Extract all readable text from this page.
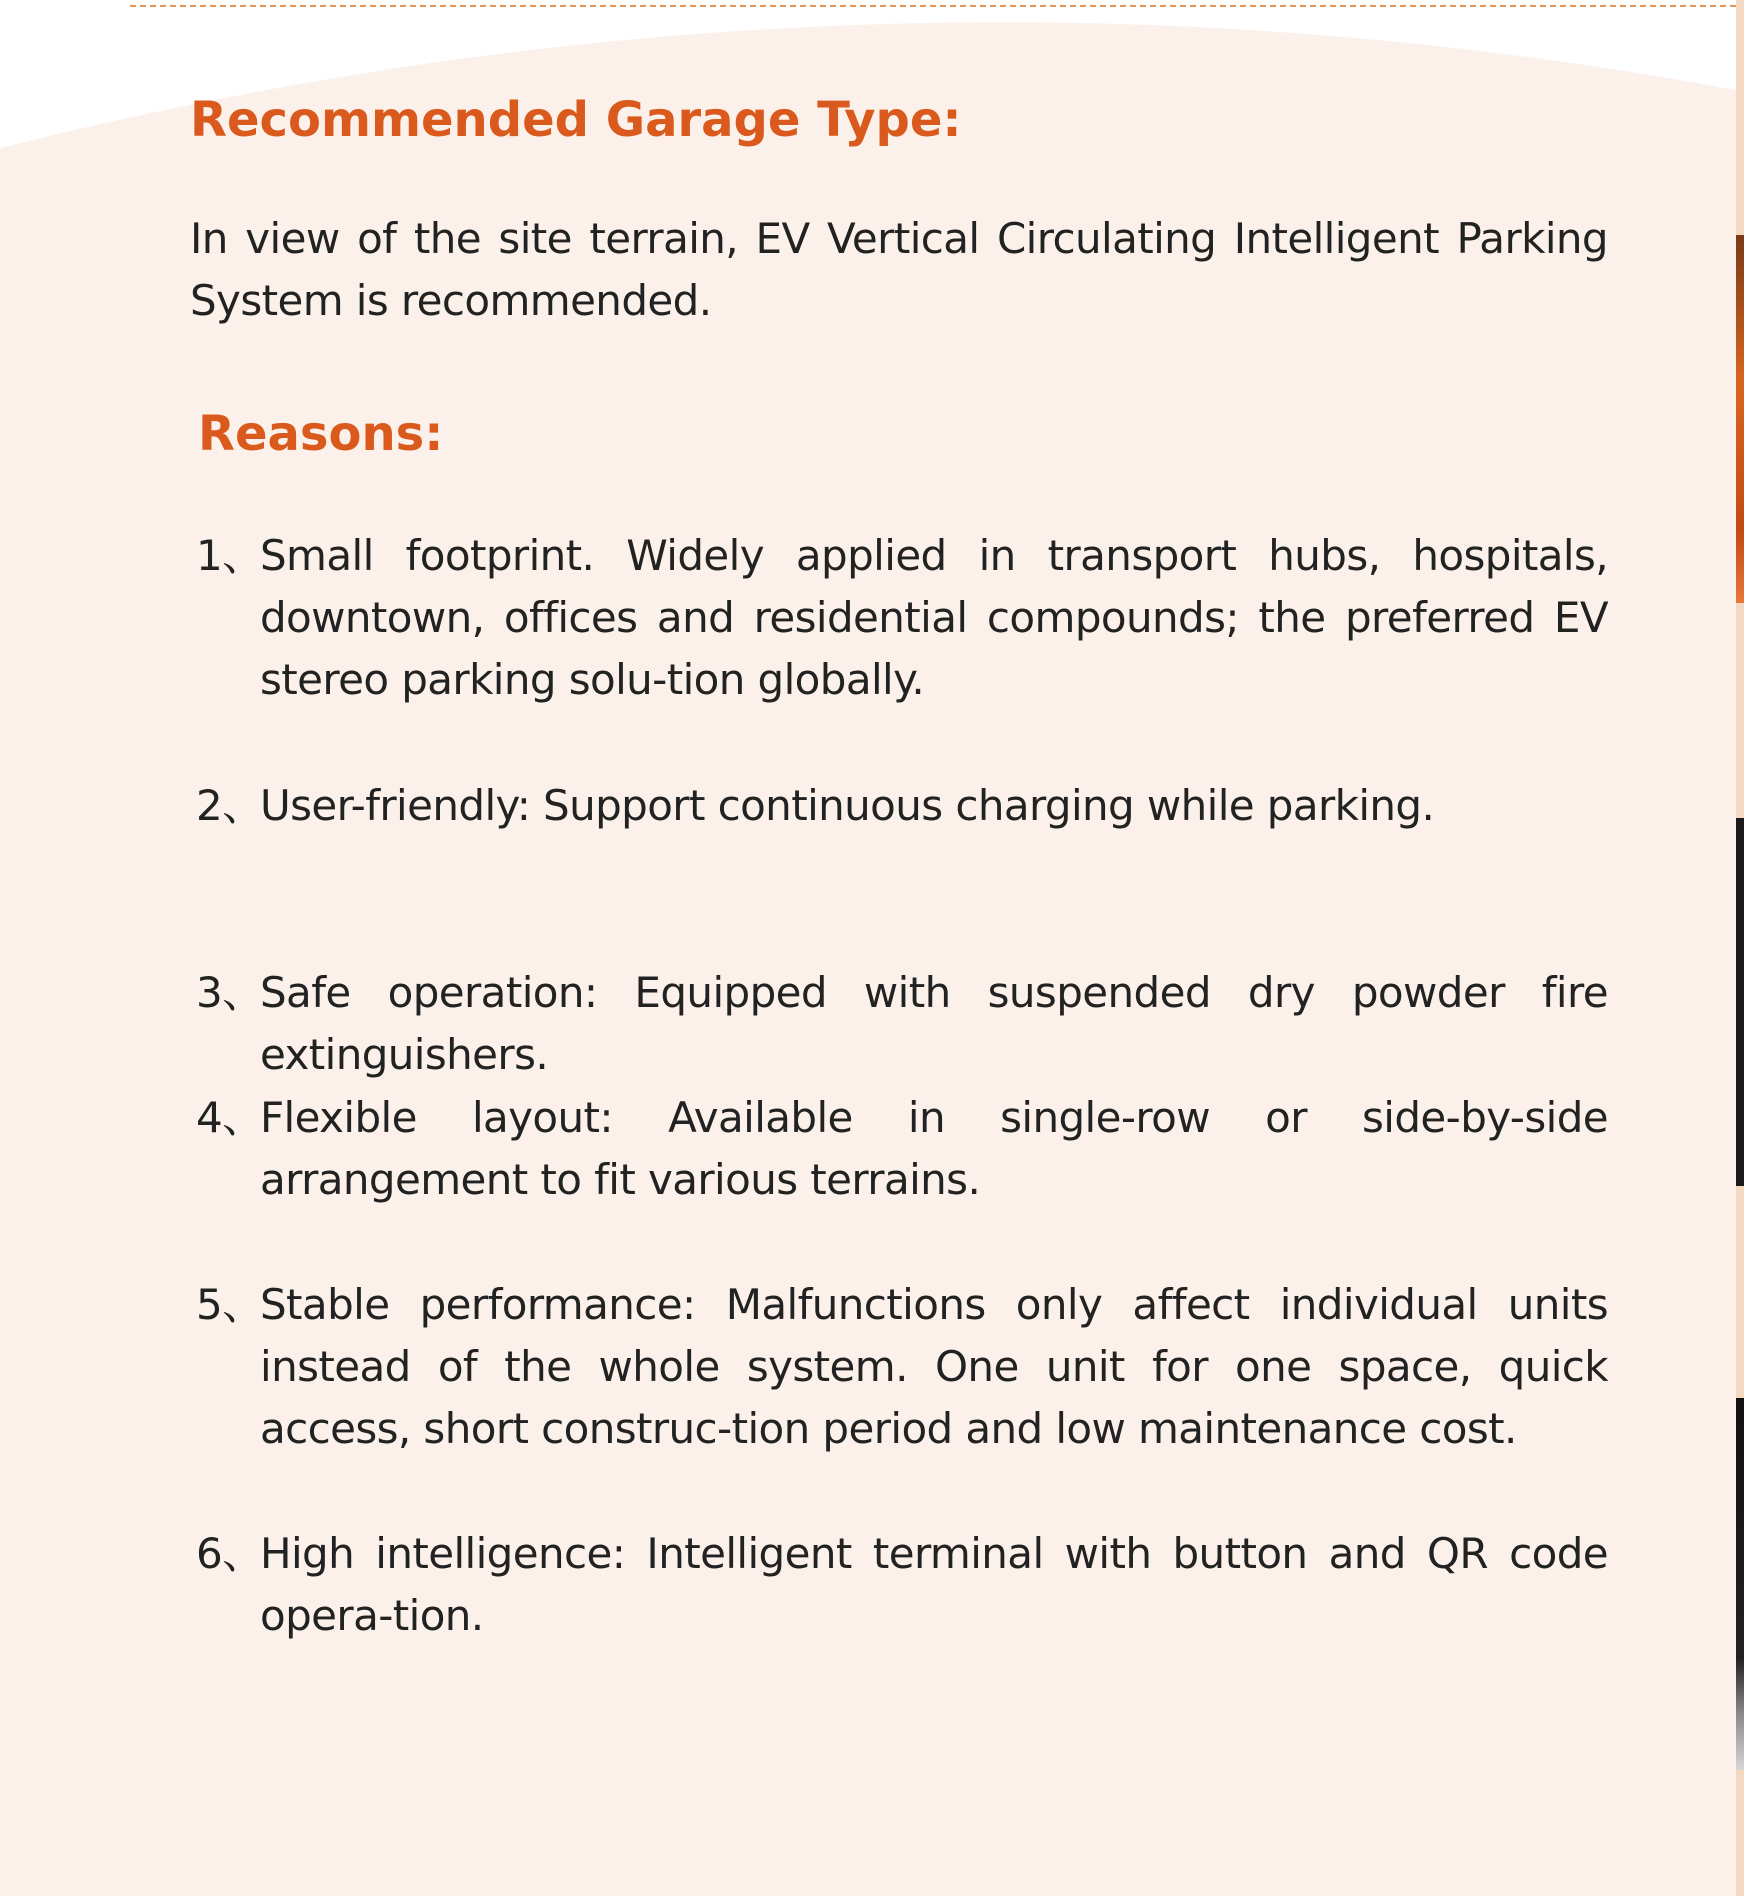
Recommended Garage Type:

In view of the site terrain, EV Vertical Circulating Intelligent Parking System is recommended.

Reasons:

1、
Small footprint. Widely applied in transport hubs, hospitals, downtown, offices and residential compounds; the preferred EV stereo parking solu-tion globally.

2、
User-friendly: Support continuous charging while parking.

3、
Safe operation: Equipped with suspended dry powder fire extinguishers.

4、
Flexible layout: Available in single-row or side-by-side arrangement to fit various terrains.

5、
Stable performance: Malfunctions only affect individual units instead of the whole system. One unit for one space, quick access, short construc-tion period and low maintenance cost.

6、
High intelligence: Intelligent terminal with button and QR code opera-tion.
